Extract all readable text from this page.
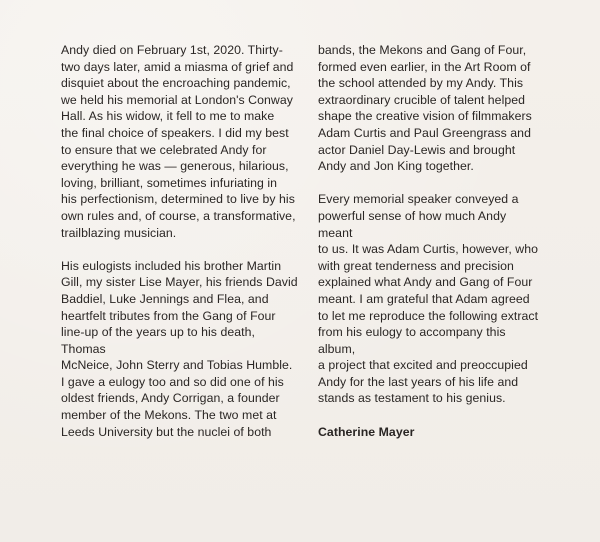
Andy died on February 1st, 2020. Thirty-
two days later, amid a miasma of grief and
disquiet about the encroaching pandemic,
we held his memorial at London's Conway
Hall. As his widow, it fell to me to make
the final choice of speakers. I did my best
to ensure that we celebrated Andy for
everything he was — generous, hilarious,
loving, brilliant, sometimes infuriating in
his perfectionism, determined to live by his
own rules and, of course, a transformative,
trailblazing musician.

His eulogists included his brother Martin
Gill, my sister Lise Mayer, his friends David
Baddiel, Luke Jennings and Flea, and
heartfelt tributes from the Gang of Four
line-up of the years up to his death, Thomas
McNeice, John Sterry and Tobias Humble.
I gave a eulogy too and so did one of his
oldest friends, Andy Corrigan, a founder
member of the Mekons. The two met at
Leeds University but the nuclei of both

bands, the Mekons and Gang of Four,
formed even earlier, in the Art Room of
the school attended by my Andy. This
extraordinary crucible of talent helped
shape the creative vision of filmmakers
Adam Curtis and Paul Greengrass and
actor Daniel Day-Lewis and brought
Andy and Jon King together.

Every memorial speaker conveyed a
powerful sense of how much Andy meant
to us. It was Adam Curtis, however, who
with great tenderness and precision
explained what Andy and Gang of Four
meant. I am grateful that Adam agreed
to let me reproduce the following extract
from his eulogy to accompany this album,
a project that excited and preoccupied
Andy for the last years of his life and
stands as testament to his genius.

Catherine Mayer
